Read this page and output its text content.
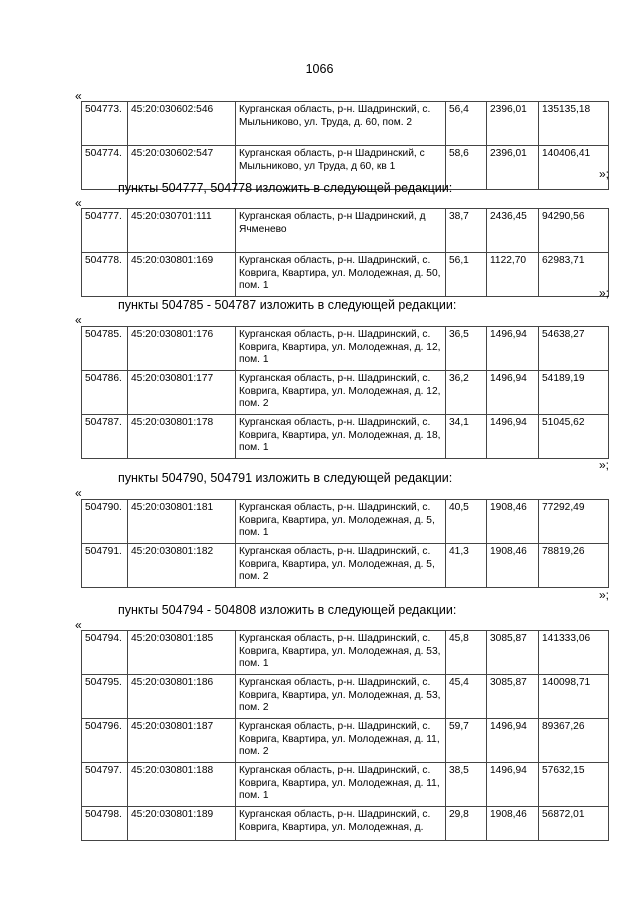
1066
«
504773.	45:20:030602:546	Курганская область, р-н. Шадринский, с. Мыльниково, ул. Труда, д. 60, пом. 2	56,4	2396,01	135135,18
504774.	45:20:030602:547	Курганская область, р-н Шадринский, с Мыльниково, ул Труда, д 60, кв 1	58,6	2396,01	140406,41
»;
пункты 504777, 504778 изложить в следующей редакции:
«
504777.	45:20:030701:111	Курганская область, р-н Шадринский, д Ячменево	38,7	2436,45	94290,56
504778.	45:20:030801:169	Курганская область, р-н. Шадринский, с. Коврига, Квартира, ул. Молодежная, д. 50, пом. 1	56,1	1122,70	62983,71
»;
пункты 504785 - 504787 изложить в следующей редакции:
«
504785.	45:20:030801:176	Курганская область, р-н. Шадринский, с. Коврига, Квартира, ул. Молодежная, д. 12, пом. 1	36,5	1496,94	54638,27
504786.	45:20:030801:177	Курганская область, р-н. Шадринский, с. Коврига, Квартира, ул. Молодежная, д. 12, пом. 2	36,2	1496,94	54189,19
504787.	45:20:030801:178	Курганская область, р-н. Шадринский, с. Коврига, Квартира, ул. Молодежная, д. 18, пом. 1	34,1	1496,94	51045,62
»;
пункты 504790, 504791 изложить в следующей редакции:
«
504790.	45:20:030801:181	Курганская область, р-н. Шадринский, с. Коврига, Квартира, ул. Молодежная, д. 5, пом. 1	40,5	1908,46	77292,49
504791.	45:20:030801:182	Курганская область, р-н. Шадринский, с. Коврига, Квартира, ул. Молодежная, д. 5, пом. 2	41,3	1908,46	78819,26
»;
пункты 504794 - 504808 изложить в следующей редакции:
«
504794.	45:20:030801:185	Курганская область, р-н. Шадринский, с. Коврига, Квартира, ул. Молодежная, д. 53, пом. 1	45,8	3085,87	141333,06
504795.	45:20:030801:186	Курганская область, р-н. Шадринский, с. Коврига, Квартира, ул. Молодежная, д. 53, пом. 2	45,4	3085,87	140098,71
504796.	45:20:030801:187	Курганская область, р-н. Шадринский, с. Коврига, Квартира, ул. Молодежная, д. 11, пом. 2	59,7	1496,94	89367,26
504797.	45:20:030801:188	Курганская область, р-н. Шадринский, с. Коврига, Квартира, ул. Молодежная, д. 11, пом. 1	38,5	1496,94	57632,15
504798.	45:20:030801:189	Курганская область, р-н. Шадринский, с. Коврига, Квартира, ул. Молодежная, д.	29,8	1908,46	56872,01
